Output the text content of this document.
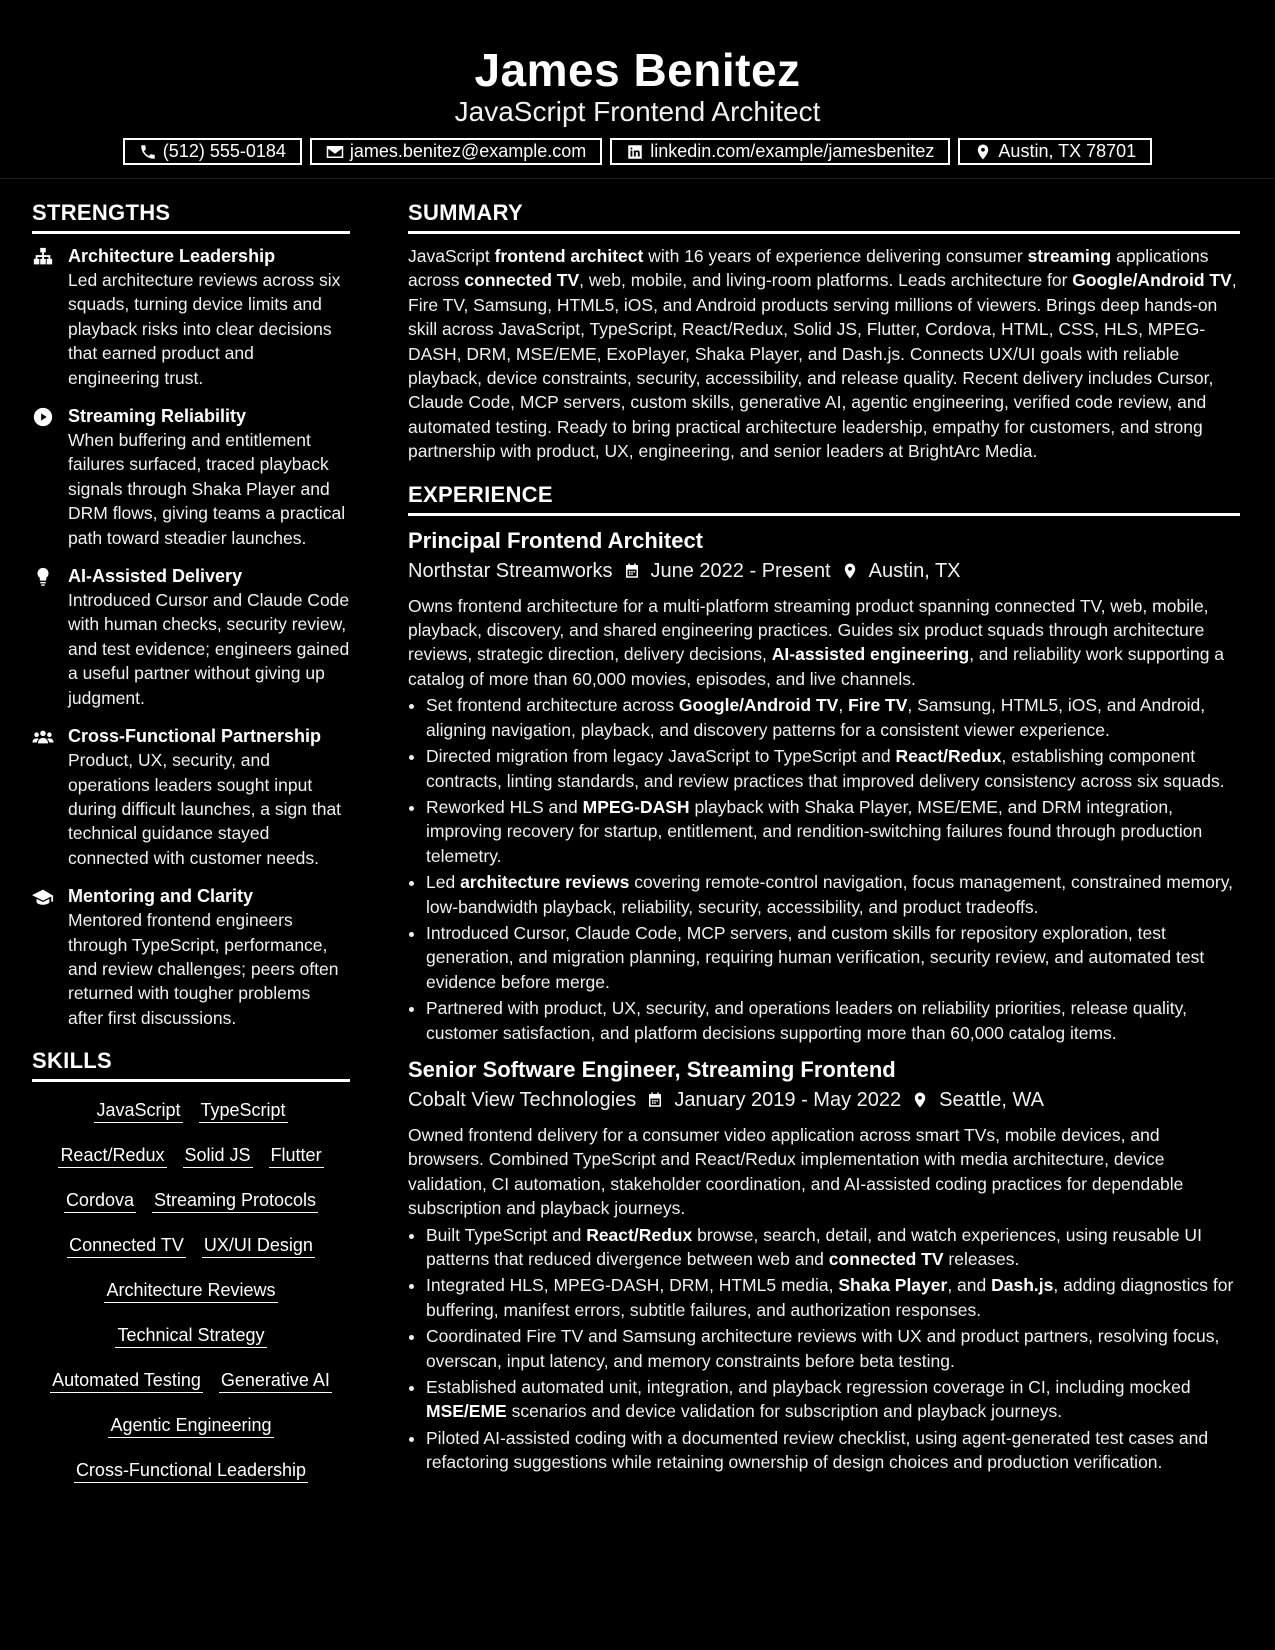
James Benitez
JavaScript Frontend Architect
(512) 555-0184	james.benitez@example.com	linkedin.com/example/jamesbenitez	Austin, TX 78701
STRENGTHS
Architecture Leadership
Led architecture reviews across six squads, turning device limits and playback risks into clear decisions that earned product and engineering trust.
Streaming Reliability
When buffering and entitlement failures surfaced, traced playback signals through Shaka Player and DRM flows, giving teams a practical path toward steadier launches.
AI-Assisted Delivery
Introduced Cursor and Claude Code with human checks, security review, and test evidence; engineers gained a useful partner without giving up judgment.
Cross-Functional Partnership
Product, UX, security, and operations leaders sought input during difficult launches, a sign that technical guidance stayed connected with customer needs.
Mentoring and Clarity
Mentored frontend engineers through TypeScript, performance, and review challenges; peers often returned with tougher problems after first discussions.
SKILLS
JavaScript TypeScript
React/Redux Solid JS Flutter
Cordova Streaming Protocols
Connected TV UX/UI Design
Architecture Reviews
Technical Strategy
Automated Testing Generative AI
Agentic Engineering
Cross-Functional Leadership
SUMMARY
JavaScript frontend architect with 16 years of experience delivering consumer streaming applications across connected TV, web, mobile, and living-room platforms. Leads architecture for Google/Android TV, Fire TV, Samsung, HTML5, iOS, and Android products serving millions of viewers. Brings deep hands-on skill across JavaScript, TypeScript, React/Redux, Solid JS, Flutter, Cordova, HTML, CSS, HLS, MPEG-DASH, DRM, MSE/EME, ExoPlayer, Shaka Player, and Dash.js. Connects UX/UI goals with reliable playback, device constraints, security, accessibility, and release quality. Recent delivery includes Cursor, Claude Code, MCP servers, custom skills, generative AI, agentic engineering, verified code review, and automated testing. Ready to bring practical architecture leadership, empathy for customers, and strong partnership with product, UX, engineering, and senior leaders at BrightArc Media.
EXPERIENCE
Principal Frontend Architect
Northstar Streamworks June 2022 - Present Austin, TX
Owns frontend architecture for a multi-platform streaming product spanning connected TV, web, mobile, playback, discovery, and shared engineering practices. Guides six product squads through architecture reviews, strategic direction, delivery decisions, AI-assisted engineering, and reliability work supporting a catalog of more than 60,000 movies, episodes, and live channels.
• Set frontend architecture across Google/Android TV, Fire TV, Samsung, HTML5, iOS, and Android, aligning navigation, playback, and discovery patterns for a consistent viewer experience.
• Directed migration from legacy JavaScript to TypeScript and React/Redux, establishing component contracts, linting standards, and review practices that improved delivery consistency across six squads.
• Reworked HLS and MPEG-DASH playback with Shaka Player, MSE/EME, and DRM integration, improving recovery for startup, entitlement, and rendition-switching failures found through production telemetry.
• Led architecture reviews covering remote-control navigation, focus management, constrained memory, low-bandwidth playback, reliability, security, accessibility, and product tradeoffs.
• Introduced Cursor, Claude Code, MCP servers, and custom skills for repository exploration, test generation, and migration planning, requiring human verification, security review, and automated test evidence before merge.
• Partnered with product, UX, security, and operations leaders on reliability priorities, release quality, customer satisfaction, and platform decisions supporting more than 60,000 catalog items.
Senior Software Engineer, Streaming Frontend
Cobalt View Technologies January 2019 - May 2022 Seattle, WA
Owned frontend delivery for a consumer video application across smart TVs, mobile devices, and browsers. Combined TypeScript and React/Redux implementation with media architecture, device validation, CI automation, stakeholder coordination, and AI-assisted coding practices for dependable subscription and playback journeys.
• Built TypeScript and React/Redux browse, search, detail, and watch experiences, using reusable UI patterns that reduced divergence between web and connected TV releases.
• Integrated HLS, MPEG-DASH, DRM, HTML5 media, Shaka Player, and Dash.js, adding diagnostics for buffering, manifest errors, subtitle failures, and authorization responses.
• Coordinated Fire TV and Samsung architecture reviews with UX and product partners, resolving focus, overscan, input latency, and memory constraints before beta testing.
• Established automated unit, integration, and playback regression coverage in CI, including mocked MSE/EME scenarios and device validation for subscription and playback journeys.
• Piloted AI-assisted coding with a documented review checklist, using agent-generated test cases and refactoring suggestions while retaining ownership of design choices and production verification.
